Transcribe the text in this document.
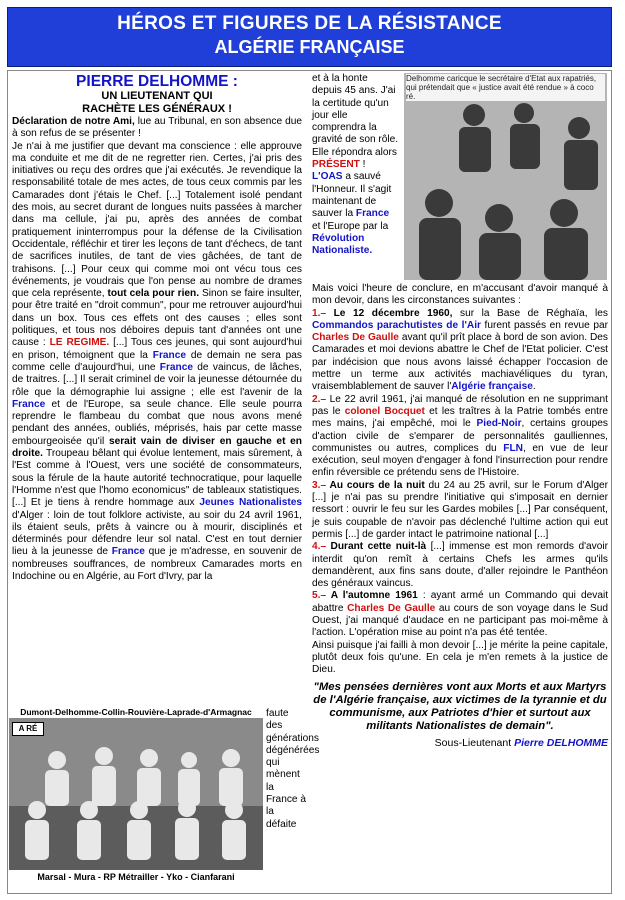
HÉROS ET FIGURES DE LA RÉSISTANCE
ALGÉRIE FRANÇAISE
PIERRE DELHOMME :
UN LIEUTENANT QUI
RACHÈTE LES GÉNÉRAUX !

Déclaration de notre Ami, lue au Tribunal, en son absence due à son refus de se présenter !

Je n'ai à me justifier que devant ma conscience : elle approuve ma conduite et me dit de ne regretter rien. Certes, j'ai pris des initiatives ou reçu des ordres que j'ai exécutés. Je revendique la responsabilité totale de mes actes, de tous ceux commis par les Camarades dont j'étais le Chef. [...] Totalement isolé pendant des mois, au secret durant de longues nuits passées à marcher dans ma cellule, j'ai pu, après des années de combat pratiquement ininterrompus pour la défense de la Civilisation Occidentale, réfléchir et tirer les leçons de tant d'échecs, de tant de sacrifices inutiles, de tant de vies gâchées, de tant de trahisons. [...] Pour ceux qui comme moi ont vécu tous ces événements, je voudrais que l'on pense au nombre de drames que cela représente, tout cela pour rien. Sinon se faire insulter, pour être traité en "droit commun", pour me retrouver aujourd'hui dans un box. Tous ces effets ont des causes ; elles sont politiques, et tous nos déboires depuis tant d'années ont une cause : LE REGIME. [...] Tous ces jeunes, qui sont aujourd'hui en prison, témoignent que la France de demain ne sera pas comme celle d'aujourd'hui, une France de vaincus, de lâches, de traitres. [...] Il serait criminel de voir la jeunesse détournée du rôle que la démographie lui assigne ; elle est l'avenir de la France et de l'Europe, sa seule chance. Elle seule pourra reprendre le flambeau du combat que nous avons mené pendant des années, oubliés, méprisés, hais par cette masse embourgeoisée qu'il serait vain de diviser en gauche et en droite. Troupeau bêlant qui évolue lentement, mais sûrement, à l'Est comme à l'Ouest, vers une société de consommateurs, sous la férule de la haute autorité technocratique, pour laquelle l'Homme n'est que l'homo economicus" de tableaux statistiques. [...] Et je tiens à rendre hommage aux Jeunes Nationalistes d'Alger : loin de tout folklore activiste, au soir du 24 avril 1961, ils étaient seuls, prêts à vaincre ou à mourir, disciplinés et déterminés pour défendre leur sol natal. C'est en tout dernier lieu à la jeunesse de France que je m'adresse, en souvenir de nombreuses souffrances, de nombreux Camarades morts en Indochine ou en Algérie, au Fort d'Ivry, par la

faute des générations dégénérées qui mènent la France à la défaite

Dumont-Delhomme-Collin-Rouvière-Laprade-d'Armagnac
A RÉ
Marsal - Mura - RP Métrailler - Yko - Cianfarani
Delhomme caricque le secrétaire d'Etat aux rapatriés, qui prétendait que « justice avait été rendue » à coco ré.

et à la honte depuis 45 ans. J'ai la certitude qu'un jour elle comprendra la gravité de son rôle. Elle répondra alors PRÉSENT !

L'OAS a sauvé l'Honneur. Il s'agit maintenant de sauver la France et l'Europe par la Révolution Nationaliste.

Mais voici l'heure de conclure, en m'accusant d'avoir manqué à mon devoir, dans les circonstances suivantes :

1.– Le 12 décembre 1960, sur la Base de Réghaïa, les Commandos parachutistes de l'Air furent passés en revue par Charles De Gaulle avant qu'il prît place à bord de son avion. Des Camarades et moi devions abattre le Chef de l'Etat policier. C'est par indécision que nous avons laissé échapper l'occasion de mettre un terme aux activités machiavéliques du tyran, vraisemblablement de sauver l'Algérie française.

2.– Le 22 avril 1961, j'ai manqué de résolution en ne supprimant pas le colonel Bocquet et les traîtres à la Patrie tombés entre mes mains, j'ai empêché, moi le Pied-Noir, certains groupes d'action civile de s'emparer de personnalités gaulliennes, communistes ou autres, complices du FLN, en vue de leur exécution, seul moyen d'engager à fond l'insurrection pour rendre enfin réversible ce prétendu sens de l'Histoire.

3.– Au cours de la nuit du 24 au 25 avril, sur le Forum d'Alger [...] je n'ai pas su prendre l'initiative qui s'imposait en dernier ressort : ouvrir le feu sur les Gardes mobiles [...] Par conséquent, je suis coupable de n'avoir pas déclenché l'ultime action qui eut permis [...] de garder intact le patrimoine national [...]

4.– Durant cette nuit-là [...] immense est mon remords d'avoir interdit qu'on remît à certains Chefs les armes qu'ils demandèrent, aux fins sans doute, d'aller rejoindre le Panthéon des généraux vaincus.

5.– A l'automne 1961 : ayant armé un Commando qui devait abattre Charles De Gaulle au cours de son voyage dans le Sud Ouest, j'ai manqué d'audace en ne participant pas moi-même à l'action. L'opération mise au point n'a pas été tentée.

Ainsi puisque j'ai failli à mon devoir [...] je mérite la peine capitale, plutôt deux fois qu'une. En cela je m'en remets à la justice de Dieu.

"Mes pensées dernières vont aux Morts et aux Martyrs de l'Algérie française, aux victimes de la tyrannie et du communisme, aux Patriotes d'hier et surtout aux militants Nationalistes de demain".

Sous-Lieutenant Pierre DELHOMME
